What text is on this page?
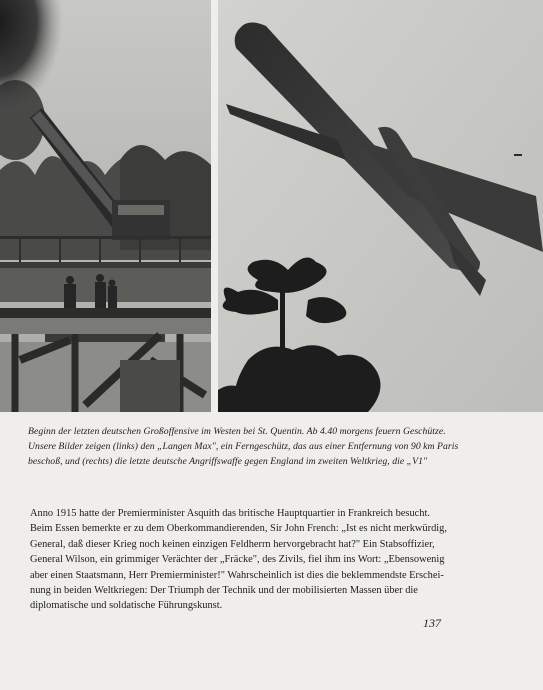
Beginn der letzten deutschen Großoffensive im Westen bei St. Quentin. Ab 4.40 morgens feuern Geschütze.
Unsere Bilder zeigen (links) den „Langen Max", ein Ferngeschütz, das aus einer Entfernung von 90 km Paris
beschoß, und (rechts) die letzte deutsche Angriffswaffe gegen England im zweiten Weltkrieg, die „V1"

Anno 1915 hatte der Premierminister Asquith das britische Hauptquartier in Frankreich besucht.
Beim Essen bemerkte er zu dem Oberkommandierenden, Sir John French: „Ist es nicht merkwürdig,
General, daß dieser Krieg noch keinen einzigen Feldherrn hervorgebracht hat?" Ein Stabsoffizier,
General Wilson, ein grimmiger Verächter der „Fräcke", des Zivils, fiel ihm ins Wort: „Ebensowenig
aber einen Staatsmann, Herr Premierminister!" Wahrscheinlich ist dies die beklemmendste Erschei-
nung in beiden Weltkriegen: Der Triumph der Technik und der mobilisierten Massen über die
diplomatische und soldatische Führungskunst.

137
